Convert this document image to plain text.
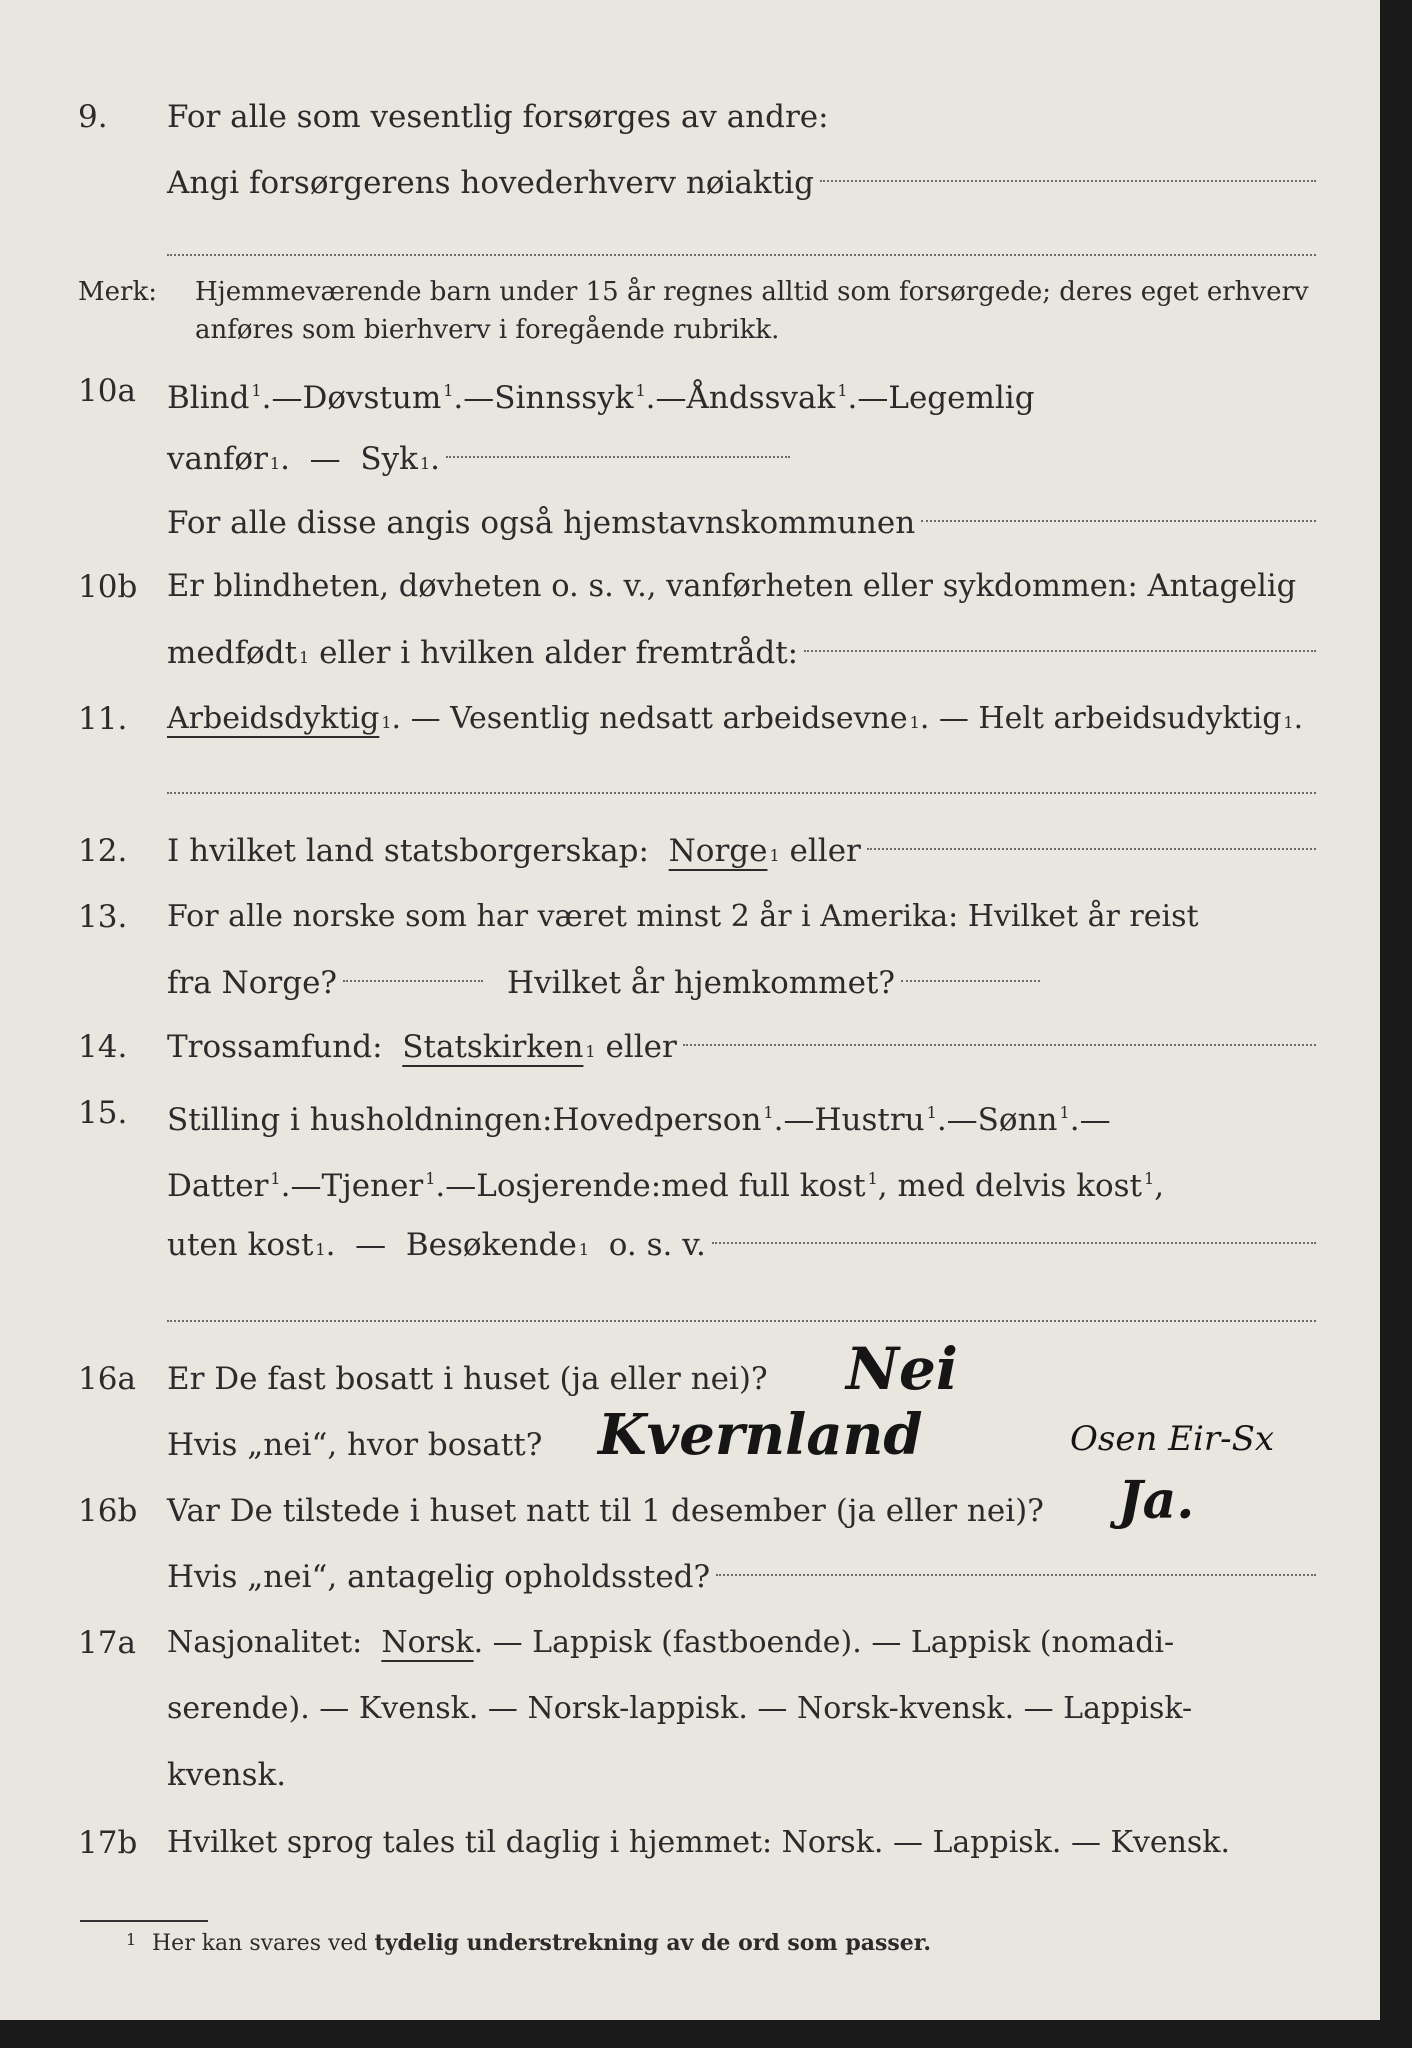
9.	For alle som vesentlig forsørges av andre:
Angi forsørgerens hovederhverv nøiaktig
Merk: Hjemmeværende barn under 15 år regnes alltid som forsørgede; deres eget erhverv
anføres som bierhverv i foregående rubrikk.
10a	Blind $^1$. — Døvstum $^1$. — Sinnssyk $^1$. — Åndssvak $^1$. — Legemlig
vanfør 1 . —
Syk 1 .
For alle disse angis også hjemstavnskommunen
10b Er blindheten, døvheten o. s. v., vanførheten eller sykdommen: Antagelig
medfødt 1
eller i hvilken alder fremtrådt:
11.	Arbeidsdyktig 1 . — Vesentlig nedsatt arbeidsevne 1 . — Helt arbeidsudyktig 1 .
12.	I hvilket land statsborgerskap:
Norge 1
eller
13.	For alle norske som har været minst 2 år i Amerika: Hvilket år reist
fra Norge?	Hvilket år hjemkommet?
14.	Trossamfund:
Statskirken 1
eller
15.	Stilling i husholdningen: Hovedperson $^1$. — Hustru $^1$. — Sønn $^1$. —
Datter $^1$. — Tjener $^1$. — Losjerende: med full kost $^1$, med delvis kost $^1$,
uten kost 1 . —
Besøkende 1
o. s. v.
16a	Er De fast bosatt i huset (ja eller nei)? Nei
Hvis „nei“, hvor bosatt? Kvernland	Osen Eir-Sx
16b Var De tilstede i huset natt til 1 desember (ja eller nei)? Ja.
Hvis „nei“, antagelig opholdssted?
17a	Nasjonalitet:
Norsk . — Lappisk (fastboende). — Lappisk (nomadi-
serende). — Kvensk. — Norsk-lappisk. — Norsk-kvensk. — Lappisk-
kvensk.
17b Hvilket sprog tales til daglig i hjemmet: Norsk. — Lappisk. — Kvensk.
1 Her kan svares ved tydelig understrekning av de ord som passer.
